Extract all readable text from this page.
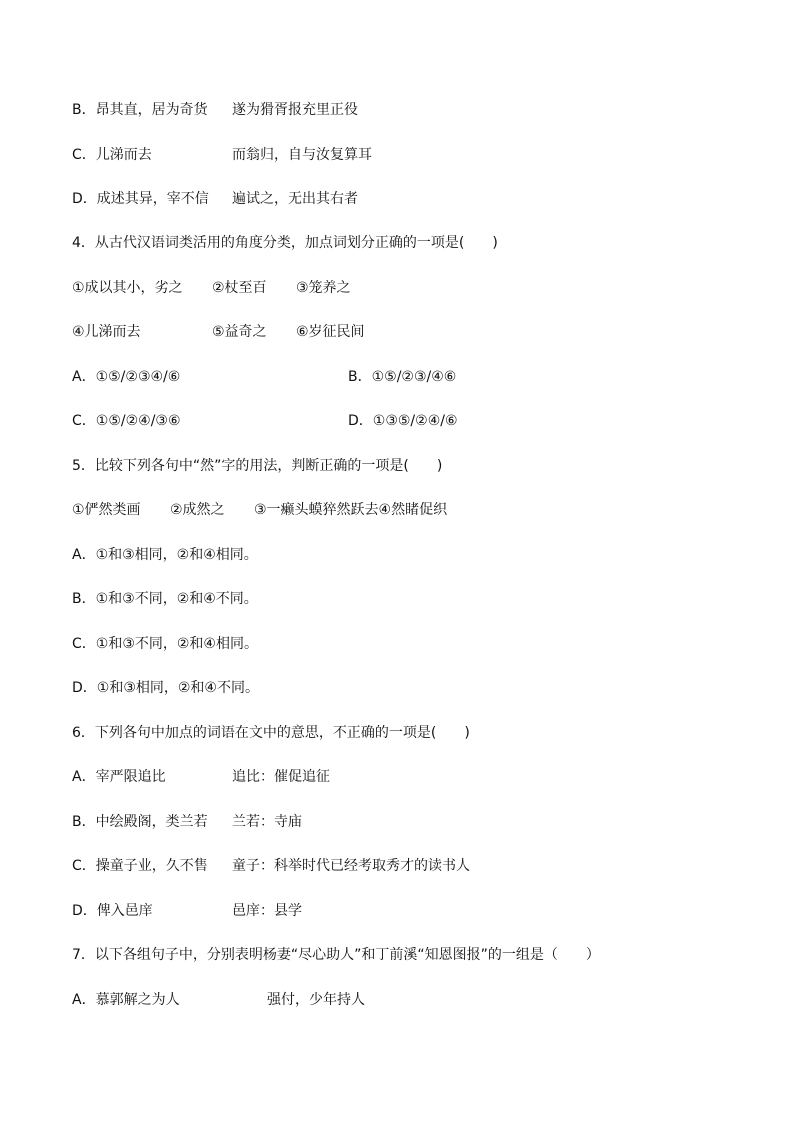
B．昂其直，居为奇货 遂为猾胥报充里正役
C．儿涕而去	而翁归，自与汝复算耳
D．成述其异，宰不信 遍试之，无出其右者
4．从古代汉语词类活用的角度分类，加点词划分正确的一项是(　　)
①成以其小，劣之 ②杖至百 ③笼养之
④儿涕而去	⑤益奇之 ⑥岁征民间
A．①⑤/②③④/⑥	B．①⑤/②③/④⑥
C．①⑤/②④/③⑥	D．①③⑤/②④/⑥
5．比较下列各句中“然”字的用法，判断正确的一项是(　　)
①俨然类画 ②成然之 ③一癞头蟆猝然跃去④然睹促织
A．①和③相同，②和④相同。
B．①和③不同，②和④不同。
C．①和③不同，②和④相同。
D．①和③相同，②和④不同。
6．下列各句中加点的词语在文中的意思，不正确的一项是(　　)
A．宰严限追比	追比：催促追征
B．中绘殿阁，类兰若 兰若：寺庙
C．操童子业，久不售 童子：科举时代已经考取秀才的读书人
D．俾入邑庠	邑庠：县学
7．以下各组句子中，分别表明杨妻“尽心助人”和丁前溪“知恩图报”的一组是（　　）
A．慕郭解之为人	强付，少年持人
